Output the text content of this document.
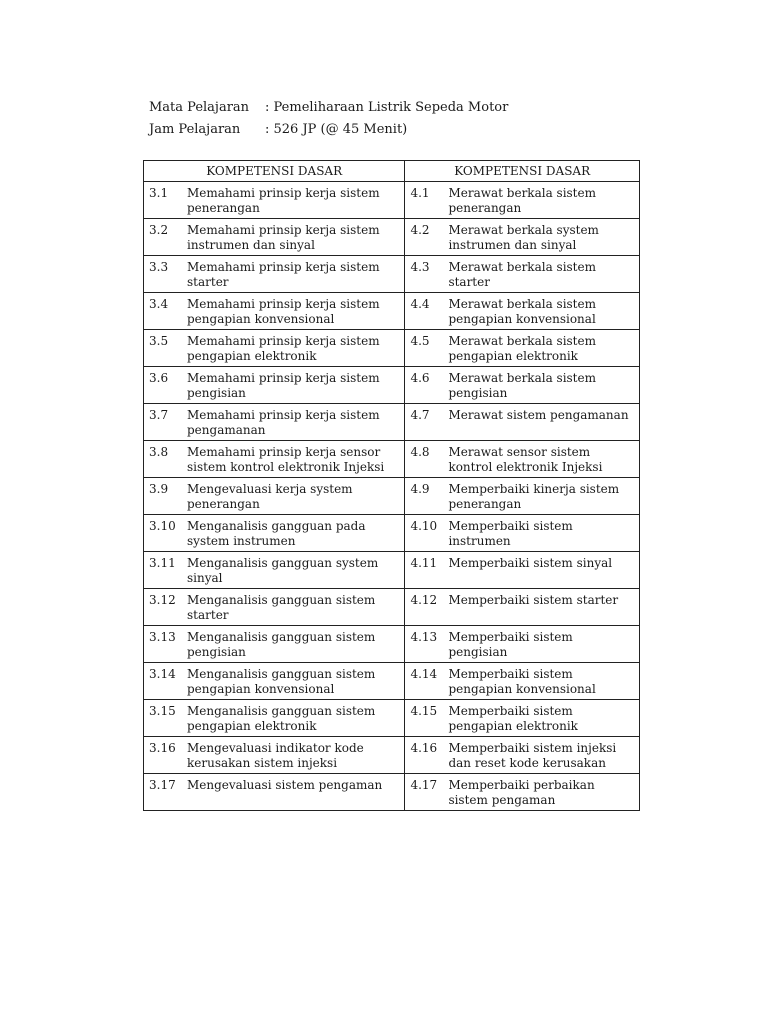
Mata Pelajaran	: Pemeliharaan Listrik Sepeda Motor
Jam Pelajaran	: 526 JP (@ 45 Menit)
KOMPETENSI DASAR	KOMPETENSI DASAR

3.1 Memahami prinsip kerja sistem penerangan	4.1 Merawat berkala sistem penerangan

3.2 Memahami prinsip kerja sistem instrumen dan sinyal	4.2 Merawat berkala system instrumen dan sinyal

3.3 Memahami prinsip kerja sistem starter	4.3 Merawat berkala sistem starter

3.4 Memahami prinsip kerja sistem pengapian konvensional	4.4 Merawat berkala sistem pengapian konvensional

3.5 Memahami prinsip kerja sistem pengapian elektronik	4.5 Merawat berkala sistem pengapian elektronik

3.6 Memahami prinsip kerja sistem pengisian	4.6 Merawat berkala sistem pengisian

3.7 Memahami prinsip kerja sistem pengamanan	4.7 Merawat sistem pengamanan

3.8 Memahami prinsip kerja sensor sistem kontrol elektronik Injeksi	4.8 Merawat sensor sistem kontrol elektronik Injeksi

3.9 Mengevaluasi kerja system penerangan	4.9 Memperbaiki kinerja sistem penerangan

3.10 Menganalisis gangguan pada system instrumen	4.10 Memperbaiki sistem instrumen

3.11 Menganalisis gangguan system sinyal	4.11 Memperbaiki sistem sinyal

3.12 Menganalisis gangguan sistem starter	4.12 Memperbaiki sistem starter

3.13 Menganalisis gangguan sistem pengisian	4.13 Memperbaiki sistem pengisian

3.14 Menganalisis gangguan sistem pengapian konvensional	4.14 Memperbaiki sistem pengapian konvensional

3.15 Menganalisis gangguan sistem pengapian elektronik	4.15 Memperbaiki sistem pengapian elektronik

3.16 Mengevaluasi indikator kode kerusakan sistem injeksi	4.16 Memperbaiki sistem injeksi dan reset kode kerusakan

3.17 Mengevaluasi sistem pengaman	4.17 Memperbaiki perbaikan sistem pengaman
